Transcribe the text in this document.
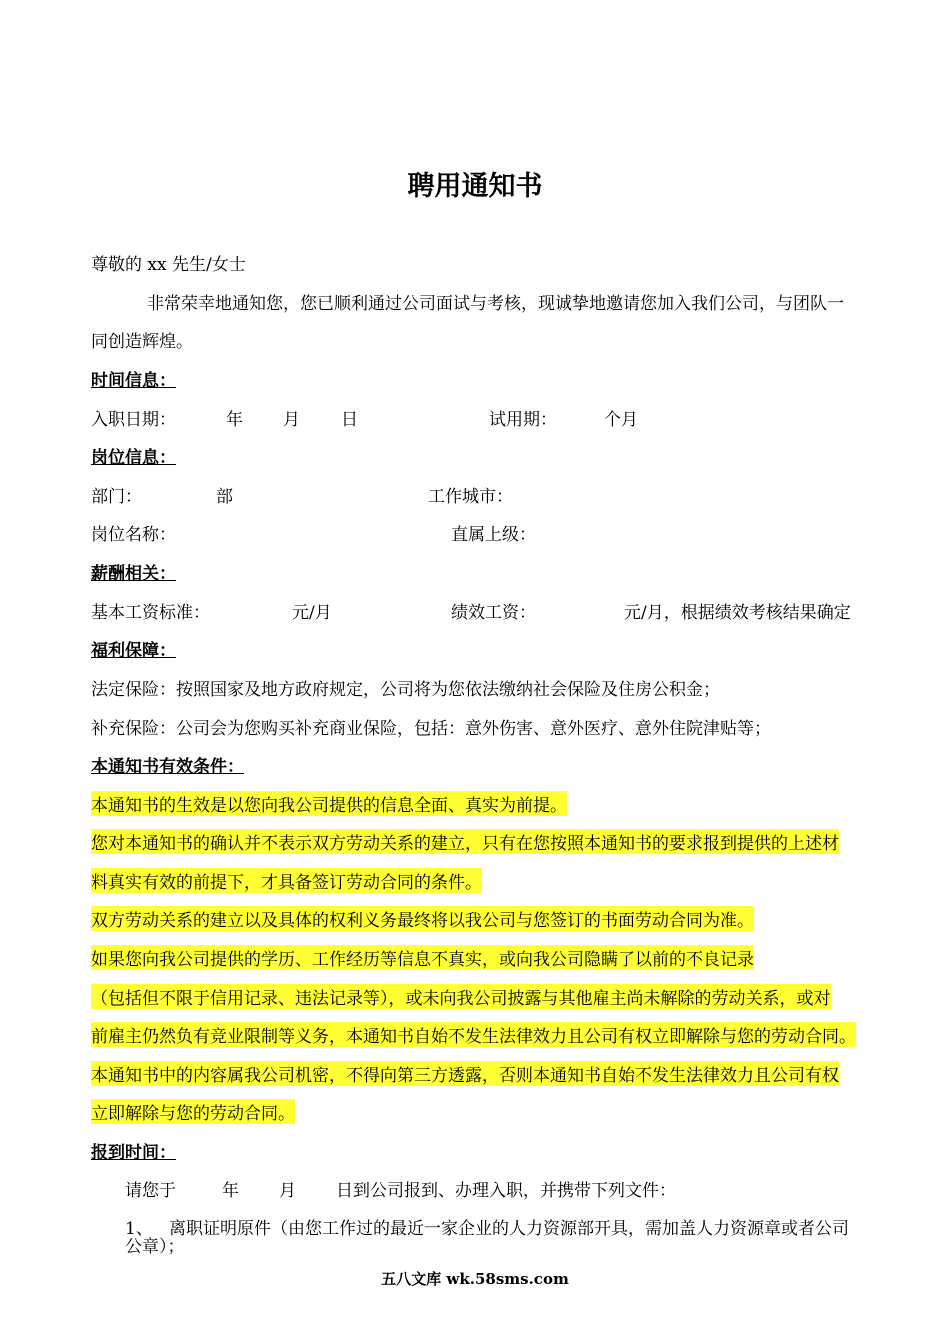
聘用通知书
尊敬的 xx 先生/女士
非常荣幸地通知您，您已顺利通过公司面试与考核，现诚挚地邀请您加入我们公司，与团队一
同创造辉煌。
时间信息：
入职日期：	年 月 日	试用期：	个月
岗位信息：
部门：	部	工作城市：
岗位名称：	直属上级：
薪酬相关：
基本工资标准：	元/月	绩效工资：	元/月，根据绩效考核结果确定
福利保障：
法定保险：按照国家及地方政府规定，公司将为您依法缴纳社会保险及住房公积金；
补充保险：公司会为您购买补充商业保险，包括：意外伤害、意外医疗、意外住院津贴等；
本通知书有效条件：
本通知书的生效是以您向我公司提供的信息全面、真实为前提。
您对本通知书的确认并不表示双方劳动关系的建立，只有在您按照本通知书的要求报到提供的上述材
料真实有效的前提下，才具备签订劳动合同的条件。
双方劳动关系的建立以及具体的权利义务最终将以我公司与您签订的书面劳动合同为准。
如果您向我公司提供的学历、工作经历等信息不真实，或向我公司隐瞒了以前的不良记录
（包括但不限于信用记录、违法记录等），或未向我公司披露与其他雇主尚未解除的劳动关系，或对
前雇主仍然负有竞业限制等义务，本通知书自始不发生法律效力且公司有权立即解除与您的劳动合同。
本通知书中的内容属我公司机密，不得向第三方透露，否则本通知书自始不发生法律效力且公司有权
立即解除与您的劳动合同。
报到时间：
请您于	年 月 日到公司报到、办理入职，并携带下列文件：
1、 离职证明原件（由您工作过的最近一家企业的人力资源部开具，需加盖人力资源章或者公司
公章）；
五八文库 wk.58sms.com
